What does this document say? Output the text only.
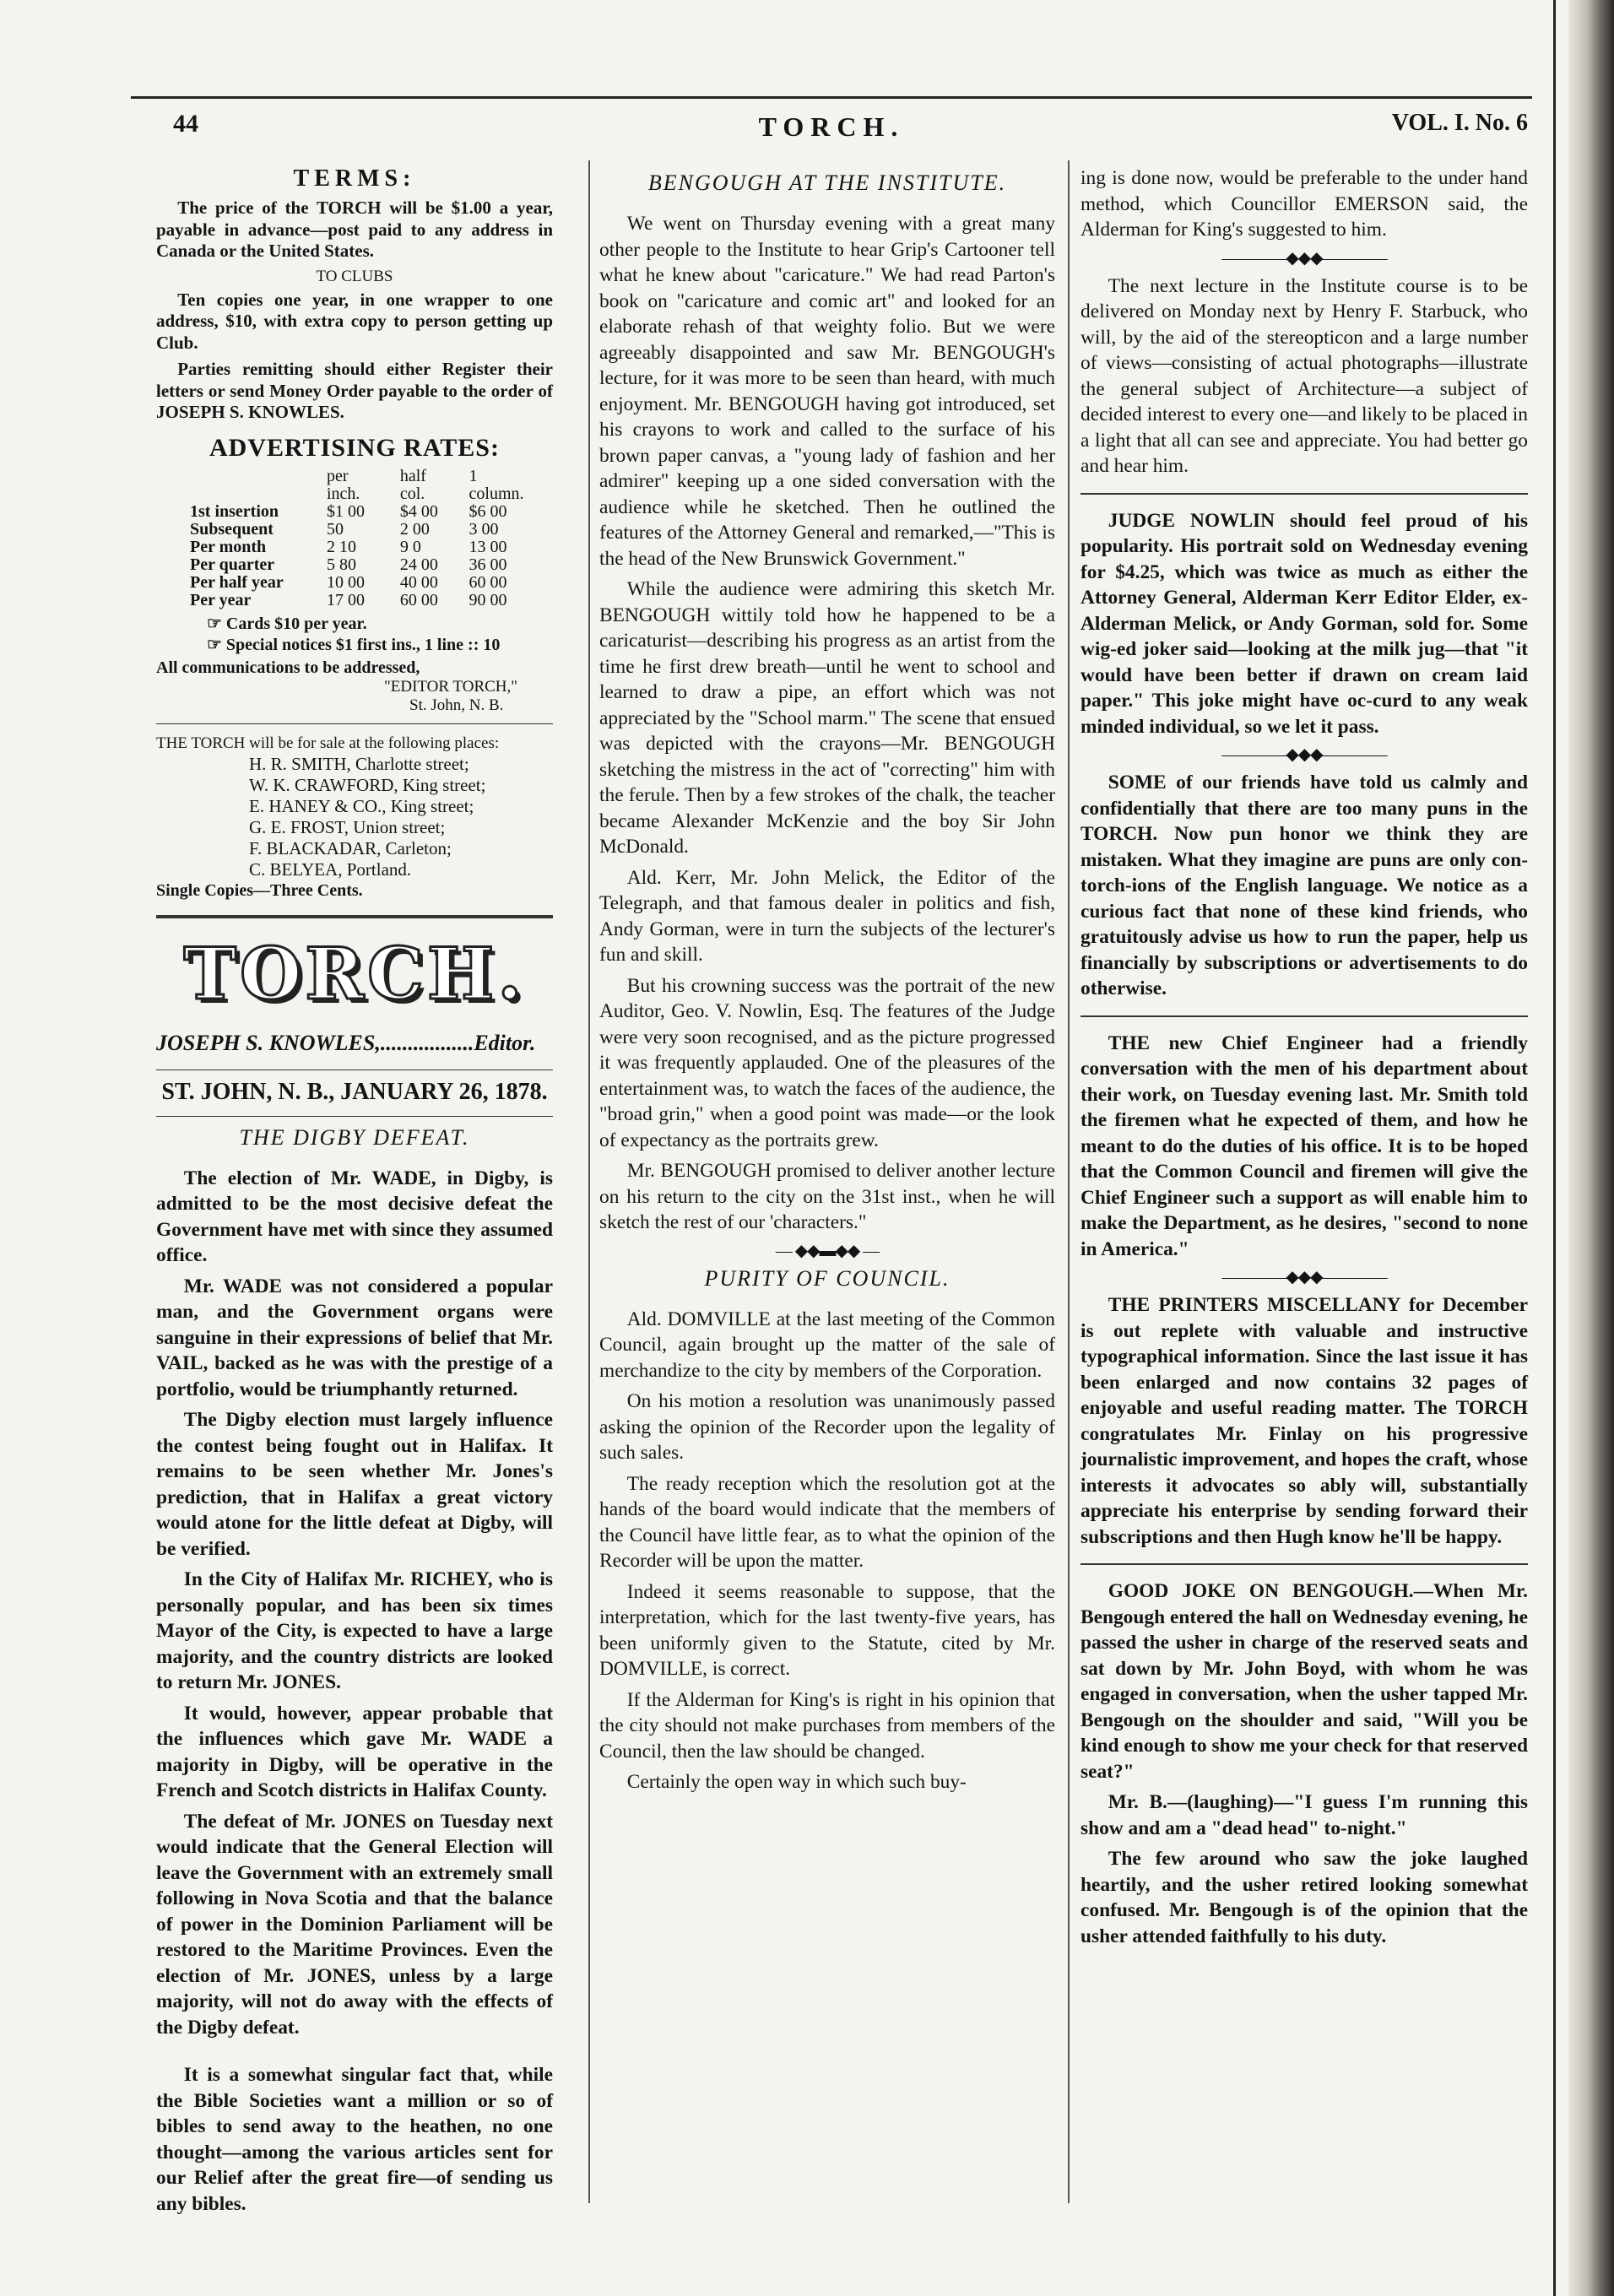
44	TORCH.	VOL. I. No. 6
TERMS:

The price of the TORCH will be $1.00 a year, payable in advance—post paid to any address in Canada or the United States.

TO CLUBS

Ten copies one year, in one wrapper to one address, $10, with extra copy to person getting up Club.

Parties remitting should either Register their letters or send Money Order payable to the order of JOSEPH S. KNOWLES.

ADVERTISING RATES:
	per inch.	half col.	1 column.
1st insertion	$1 00	$4 00	$6 00
Subsequent	50	2 00	3 00
Per month	2 10	9 0	13 00
Per quarter	5 80	24 00	36 00
Per half year	10 00	40 00	60 00
Per year	17 00	60 00	90 00
☞ Cards $10 per year.
☞ Special notices $1 first ins., 1 line :: 10
All communications to be addressed,
"EDITOR TORCH,"
St. John, N. B.
THE TORCH will be for sale at the following places:
H. R. SMITH, Charlotte street;
W. K. CRAWFORD, King street;
E. HANEY & CO., King street;
G. E. FROST, Union street;
F. BLACKADAR, Carleton;
C. BELYEA, Portland.
Single Copies—Three Cents.
TORCH.
JOSEPH S. KNOWLES,.................Editor.
ST. JOHN, N. B., JANUARY 26, 1878.
THE DIGBY DEFEAT.

The election of Mr. WADE, in Digby, is admitted to be the most decisive defeat the Government have met with since they assumed office.

Mr. WADE was not considered a popular man, and the Government organs were sanguine in their expressions of belief that Mr. VAIL, backed as he was with the prestige of a portfolio, would be triumphantly returned.

The Digby election must largely influence the contest being fought out in Halifax. It remains to be seen whether Mr. Jones's prediction, that in Halifax a great victory would atone for the little defeat at Digby, will be verified.

In the City of Halifax Mr. RICHEY, who is personally popular, and has been six times Mayor of the City, is expected to have a large majority, and the country districts are looked to return Mr. JONES.

It would, however, appear probable that the influences which gave Mr. WADE a majority in Digby, will be operative in the French and Scotch districts in Halifax County.

The defeat of Mr. JONES on Tuesday next would indicate that the General Election will leave the Government with an extremely small following in Nova Scotia and that the balance of power in the Dominion Parliament will be restored to the Maritime Provinces. Even the election of Mr. JONES, unless by a large majority, will not do away with the effects of the Digby defeat.

It is a somewhat singular fact that, while the Bible Societies want a million or so of bibles to send away to the heathen, no one thought—among the various articles sent for our Relief after the great fire—of sending us any bibles.

BENGOUGH AT THE INSTITUTE.

We went on Thursday evening with a great many other people to the Institute to hear Grip's Cartooner tell what he knew about "caricature." We had read Parton's book on "caricature and comic art" and looked for an elaborate rehash of that weighty folio. But we were agreeably disappointed and saw Mr. BENGOUGH's lecture, for it was more to be seen than heard, with much enjoyment. Mr. BENGOUGH having got introduced, set his crayons to work and called to the surface of his brown paper canvas, a "young lady of fashion and her admirer" keeping up a one sided conversation with the audience while he sketched. Then he outlined the features of the Attorney General and remarked,—"This is the head of the New Brunswick Government."

While the audience were admiring this sketch Mr. BENGOUGH wittily told how he happened to be a caricaturist—describing his progress as an artist from the time he first drew breath—until he went to school and learned to draw a pipe, an effort which was not appreciated by the "School marm." The scene that ensued was depicted with the crayons—Mr. BENGOUGH sketching the mistress in the act of "correcting" him with the ferule. Then by a few strokes of the chalk, the teacher became Alexander McKenzie and the boy Sir John McDonald.

Ald. Kerr, Mr. John Melick, the Editor of the Telegraph, and that famous dealer in politics and fish, Andy Gorman, were in turn the subjects of the lecturer's fun and skill.

But his crowning success was the portrait of the new Auditor, Geo. V. Nowlin, Esq. The features of the Judge were very soon recognised, and as the picture progressed it was frequently applauded. One of the pleasures of the entertainment was, to watch the faces of the audience, the "broad grin," when a good point was made—or the look of expectancy as the portraits grew.

Mr. BENGOUGH promised to deliver another lecture on his return to the city on the 31st inst., when he will sketch the rest of our 'characters."

— ◆◆▬◆◆ —
PURITY OF COUNCIL.

Ald. DOMVILLE at the last meeting of the Common Council, again brought up the matter of the sale of merchandize to the city by members of the Corporation.

On his motion a resolution was unanimously passed asking the opinion of the Recorder upon the legality of such sales.

The ready reception which the resolution got at the hands of the board would indicate that the members of the Council have little fear, as to what the opinion of the Recorder will be upon the matter.

Indeed it seems reasonable to suppose, that the interpretation, which for the last twenty-five years, has been uniformly given to the Statute, cited by Mr. DOMVILLE, is correct.

If the Alderman for King's is right in his opinion that the city should not make purchases from members of the Council, then the law should be changed.

Certainly the open way in which such buy-

ing is done now, would be preferable to the under hand method, which Councillor EMERSON said, the Alderman for King's suggested to him.

————◆◆◆————

The next lecture in the Institute course is to be delivered on Monday next by Henry F. Starbuck, who will, by the aid of the stereopticon and a large number of views—consisting of actual photographs—illustrate the general subject of Architecture—a subject of decided interest to every one—and likely to be placed in a light that all can see and appreciate. You had better go and hear him.

JUDGE NOWLIN should feel proud of his popularity. His portrait sold on Wednesday evening for $4.25, which was twice as much as either the Attorney General, Alderman Kerr Editor Elder, ex-Alderman Melick, or Andy Gorman, sold for. Some wig-ed joker said—looking at the milk jug—that "it would have been better if drawn on cream laid paper." This joke might have oc-curd to any weak minded individual, so we let it pass.

————◆◆◆————

SOME of our friends have told us calmly and confidentially that there are too many puns in the TORCH. Now pun honor we think they are mistaken. What they imagine are puns are only con-torch-ions of the English language. We notice as a curious fact that none of these kind friends, who gratuitously advise us how to run the paper, help us financially by subscriptions or advertisements to do otherwise.

THE new Chief Engineer had a friendly conversation with the men of his department about their work, on Tuesday evening last. Mr. Smith told the firemen what he expected of them, and how he meant to do the duties of his office. It is to be hoped that the Common Council and firemen will give the Chief Engineer such a support as will enable him to make the Department, as he desires, "second to none in America."

————◆◆◆————

THE PRINTERS MISCELLANY for December is out replete with valuable and instructive typographical information. Since the last issue it has been enlarged and now contains 32 pages of enjoyable and useful reading matter. The TORCH congratulates Mr. Finlay on his progressive journalistic improvement, and hopes the craft, whose interests it advocates so ably will, substantially appreciate his enterprise by sending forward their subscriptions and then Hugh know he'll be happy.

GOOD JOKE ON BENGOUGH.—When Mr. Bengough entered the hall on Wednesday evening, he passed the usher in charge of the reserved seats and sat down by Mr. John Boyd, with whom he was engaged in conversation, when the usher tapped Mr. Bengough on the shoulder and said, "Will you be kind enough to show me your check for that reserved seat?"

Mr. B.—(laughing)—"I guess I'm running this show and am a "dead head" to-night."

The few around who saw the joke laughed heartily, and the usher retired looking somewhat confused. Mr. Bengough is of the opinion that the usher attended faithfully to his duty.
